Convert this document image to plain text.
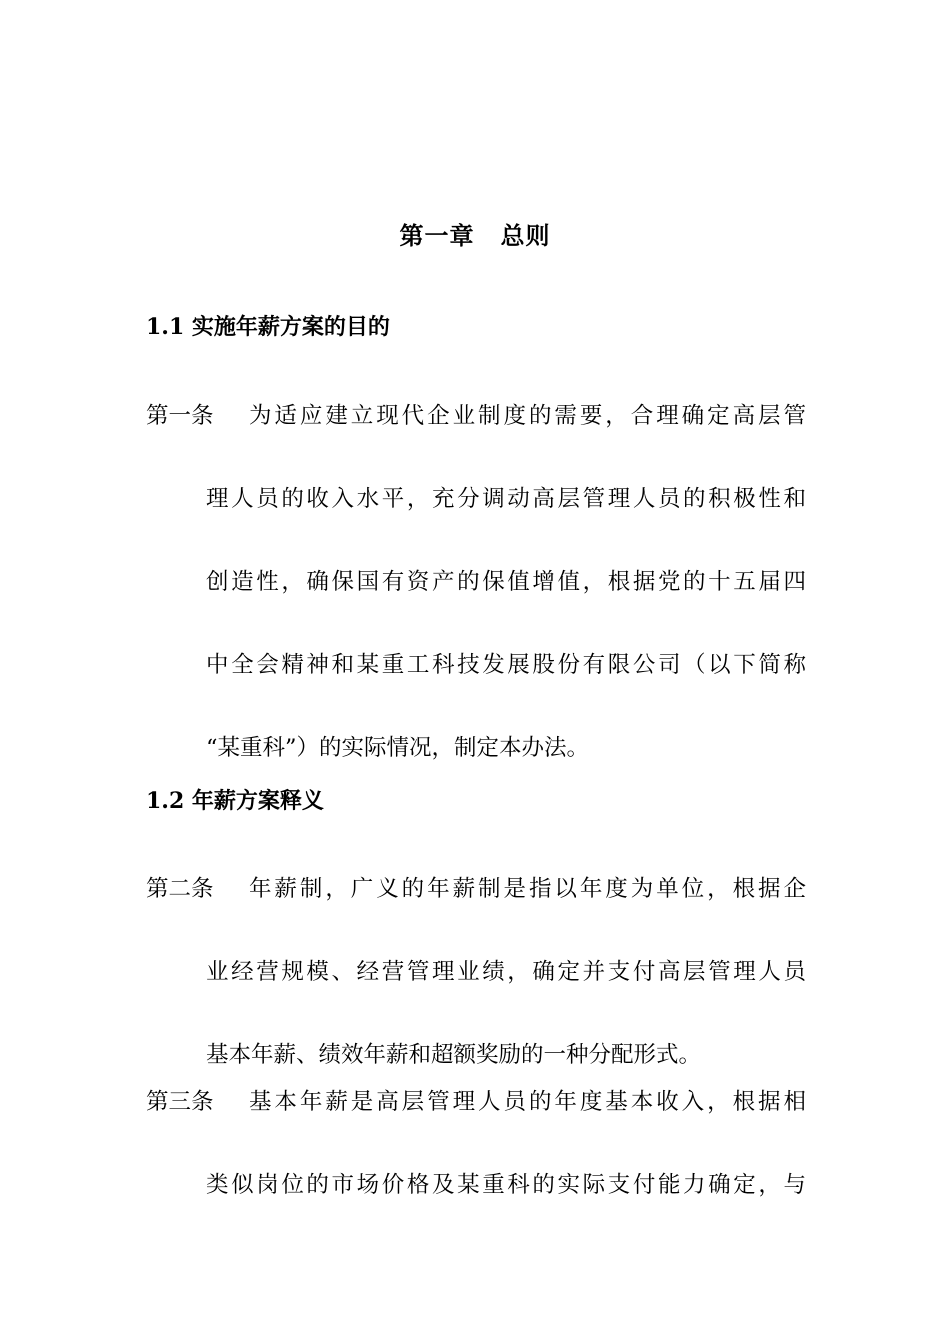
第一章 总则
1.1 实施年薪方案的目的
第一条 为适应建立现代企业制度的需要，合理确定高层管
理人员的收入水平，充分调动高层管理人员的积极性和
创造性，确保国有资产的保值增值，根据党的十五届四
中全会精神和某重工科技发展股份有限公司（以下简称
“某重科”）的实际情况，制定本办法。
1.2 年薪方案释义
第二条 年薪制，广义的年薪制是指以年度为单位，根据企
业经营规模、经营管理业绩，确定并支付高层管理人员
基本年薪、绩效年薪和超额奖励的一种分配形式。
第三条 基本年薪是高层管理人员的年度基本收入，根据相
类似岗位的市场价格及某重科的实际支付能力确定，与
